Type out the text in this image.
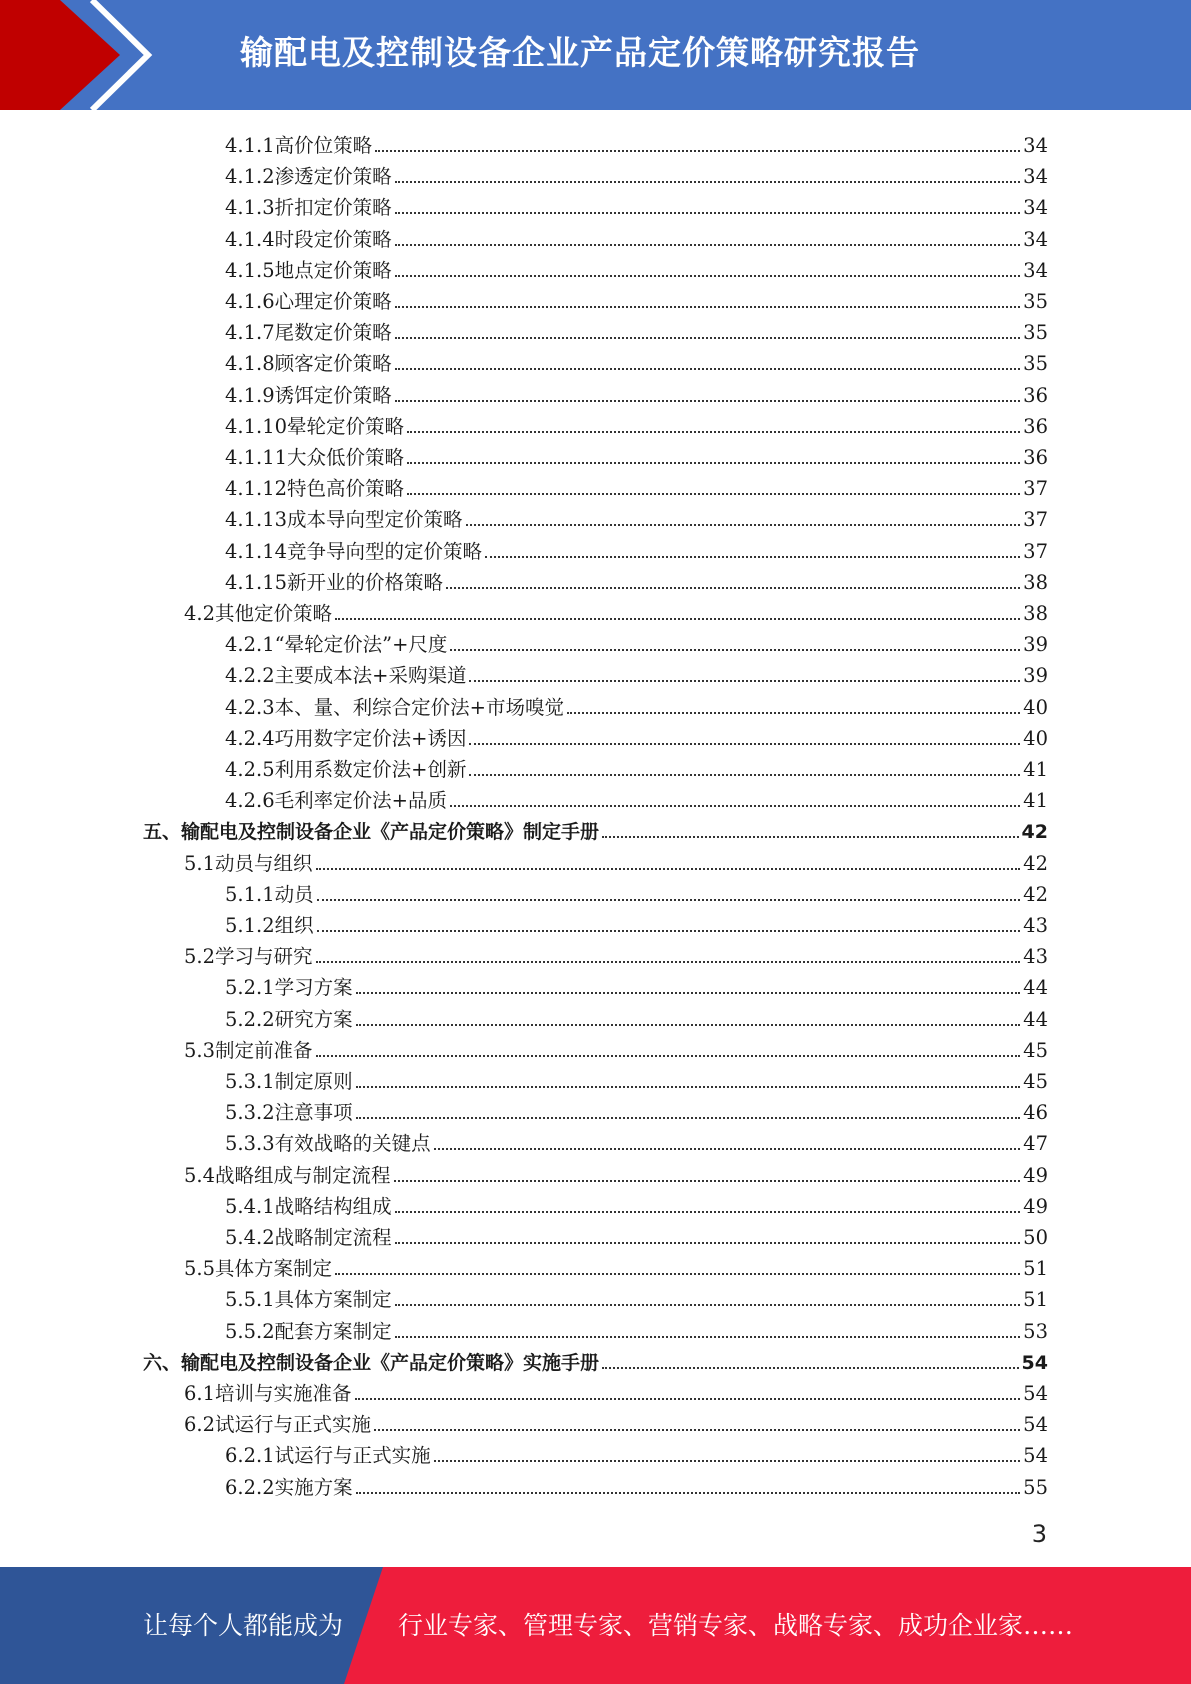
输配电及控制设备企业产品定价策略研究报告
4.1.1 高价位策略	34
4.1.2 渗透定价策略	34
4.1.3 折扣定价策略	34
4.1.4 时段定价策略	34
4.1.5 地点定价策略	34
4.1.6 心理定价策略	35
4.1.7 尾数定价策略	35
4.1.8 顾客定价策略	35
4.1.9 诱饵定价策略	36
4.1.10 晕轮定价策略	36
4.1.11 大众低价策略	36
4.1.12 特色高价策略	37
4.1.13 成本导向型定价策略	37
4.1.14 竞争导向型的定价策略	37
4.1.15 新开业的价格策略	38
4.2 其他定价策略	38
4.2.1 “晕轮定价法”+尺度	39
4.2.2 主要成本法+采购渠道	39
4.2.3 本、量、利综合定价法+市场嗅觉	40
4.2.4 巧用数字定价法+诱因	40
4.2.5 利用系数定价法+创新	41
4.2.6 毛利率定价法+品质	41
五、输配电及控制设备企业《产品定价策略》制定手册	42
5.1 动员与组织	42
5.1.1 动员	42
5.1.2 组织	43
5.2 学习与研究	43
5.2.1 学习方案	44
5.2.2 研究方案	44
5.3 制定前准备	45
5.3.1 制定原则	45
5.3.2 注意事项	46
5.3.3 有效战略的关键点	47
5.4 战略组成与制定流程	49
5.4.1 战略结构组成	49
5.4.2 战略制定流程	50
5.5 具体方案制定	51
5.5.1 具体方案制定	51
5.5.2 配套方案制定	53
六、输配电及控制设备企业《产品定价策略》实施手册	54
6.1 培训与实施准备	54
6.2 试运行与正式实施	54
6.2.1 试运行与正式实施	54
6.2.2 实施方案	55
3
让每个人都能成为 行业专家、管理专家、营销专家、战略专家、成功企业家……
